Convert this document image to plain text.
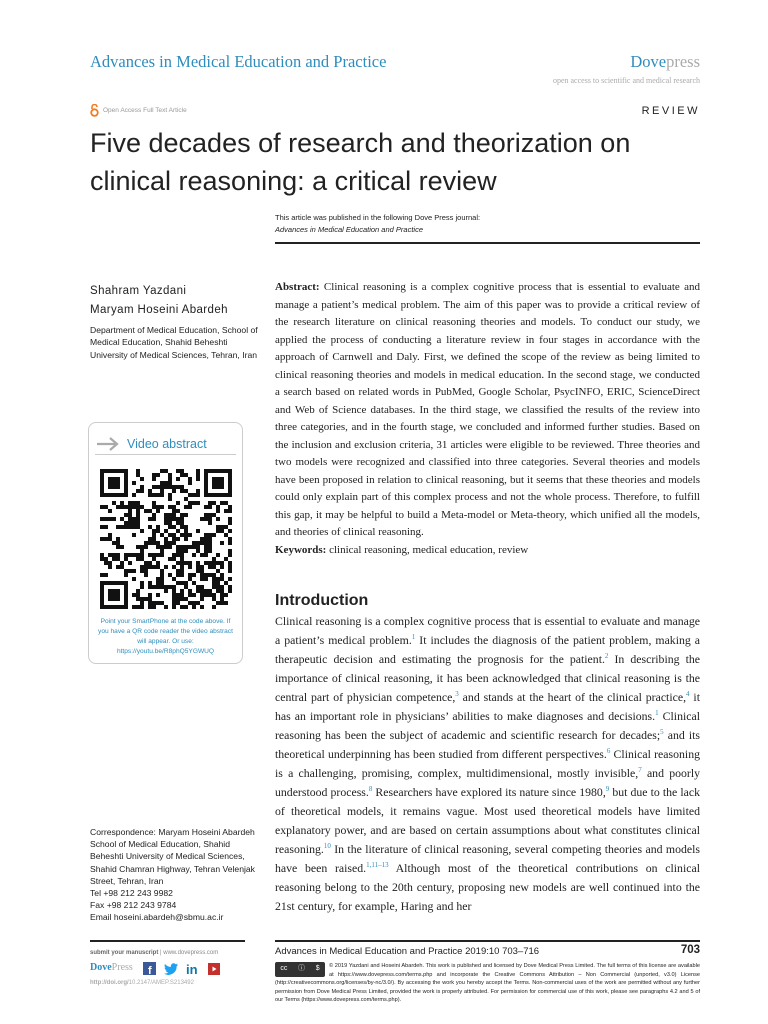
Advances in Medical Education and Practice	Dovepress
open access to scientific and medical research
Open Access Full Text Article	REVIEW
Five decades of research and theorization on
clinical reasoning: a critical review
This article was published in the following Dove Press journal:
Advances in Medical Education and Practice
Shahram Yazdani
Maryam Hoseini Abardeh
Department of Medical Education, School of Medical Education, Shahid Beheshti University of Medical Sciences, Tehran, Iran
Abstract: Clinical reasoning is a complex cognitive process that is essential to evaluate and manage a patient’s medical problem. The aim of this paper was to provide a critical review of the research literature on clinical reasoning theories and models. To conduct our study, we applied the process of conducting a literature review in four stages in accordance with the approach of Carnwell and Daly. First, we defined the scope of the review as being limited to clinical reasoning theories and models in medical education. In the second stage, we conducted a search based on related words in PubMed, Google Scholar, PsycINFO, ERIC, ScienceDirect and Web of Science databases. In the third stage, we classified the results of the review into three categories, and in the fourth stage, we concluded and informed further studies. Based on the inclusion and exclusion criteria, 31 articles were eligible to be reviewed. Three theories and two models were recognized and classified into three categories. Several theories and models have been proposed in relation to clinical reasoning, but it seems that these theories and models could only explain part of this complex process and not the whole process. Therefore, to fulfill this gap, it may be helpful to build a Meta-model or Meta-theory, which unified all the models, and theories of clinical reasoning.
Keywords: clinical reasoning, medical education, review
Video abstract
Point your SmartPhone at the code above. If you have a QR code reader the video abstract will appear. Or use: https://youtu.be/R8phQ5YGWUQ
Introduction
Clinical reasoning is a complex cognitive process that is essential to evaluate and manage a patient’s medical problem.$^1$ It includes the diagnosis of the patient problem, making a therapeutic decision and estimating the prognosis for the patient.$^2$ In describing the importance of clinical reasoning, it has been acknowledged that clinical reasoning is the central part of physician competence,$^3$ and stands at the heart of the clinical practice,$^4$ it has an important role in physicians’ abilities to make diagnoses and decisions.$^1$ Clinical reasoning has been the subject of academic and scientific research for decades;$^5$ and its theoretical underpinning has been studied from different perspectives.$^6$ Clinical reasoning is a challenging, promising, complex, multidimensional, mostly invisible,$^7$ and poorly understood process.$^8$ Researchers have explored its nature since 1980,$^9$ but due to the lack of theoretical models, it remains vague. Most used theoretical models have limited explanatory power, and are based on certain assumptions about what constitutes clinical reasoning.$^{10}$ In the literature of clinical reasoning, several competing theories and models have been raised.$^{1,11-13}$ Although most of the theoretical contributions on clinical reasoning belong to the 20th century, proposing new models are well continued into the 21st century, for example, Haring and her
Correspondence: Maryam Hoseini Abardeh
School of Medical Education, Shahid Beheshti University of Medical Sciences, Shahid Chamran Highway, Tehran Velenjak Street, Tehran, Iran
Tel +98 212 243 9982
Fax +98 212 243 9784
Email hoseini.abardeh@sbmu.ac.ir
submit your manuscript | www.dovepress.com
DovePress f	in
http://doi.org/10.2147/AMEP.S213492
Advances in Medical Education and Practice 2019:10 703–716	703
cc ⓘ $ © 2019 Yazdani and Hoseini Abardeh. This work is published and licensed by Dove Medical Press Limited. The full terms of this license are available at https://www.dovepress.com/terms.php and incorporate the Creative Commons Attribution – Non Commercial (unported, v3.0) License (http://creativecommons.org/licenses/by-nc/3.0/). By accessing the work you hereby accept the Terms. Non-commercial uses of the work are permitted without any further permission from Dove Medical Press Limited, provided the work is properly attributed. For permission for commercial use of this work, please see paragraphs 4.2 and 5 of our Terms (https://www.dovepress.com/terms.php).
